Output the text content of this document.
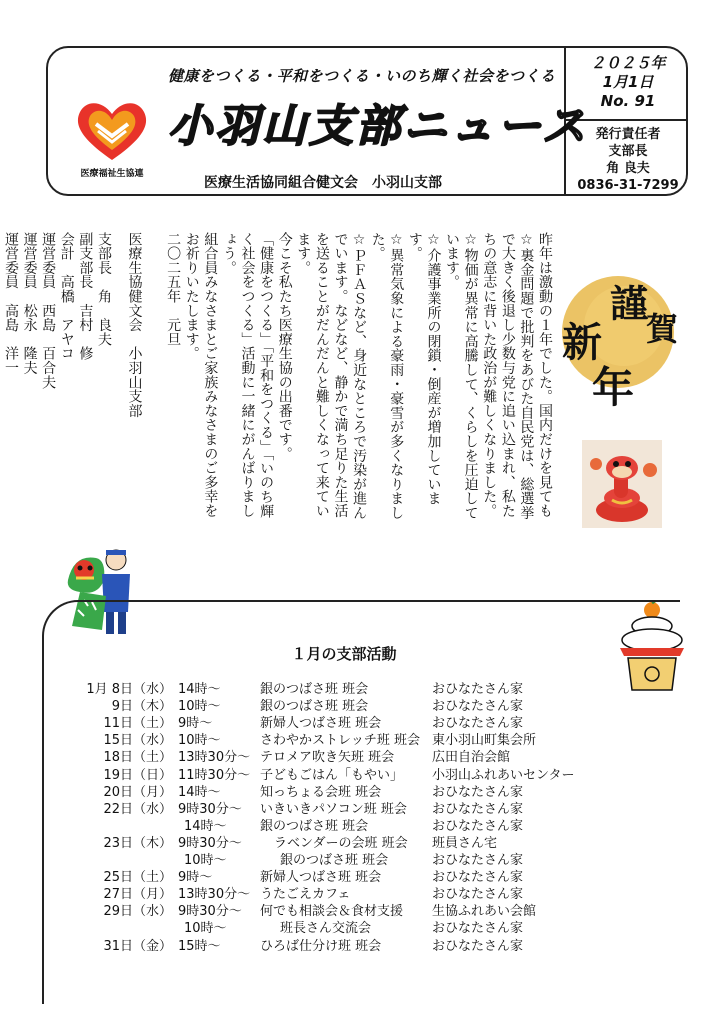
健康をつくる・平和をつくる・いのち輝く社会をつくる
医療福祉生協連
小羽山支部ニュース
医療生活協同組合健文会　小羽山支部
２０２５年
1月1日
No. 91
発行責任者
支部長
角 良夫
0836-31-7299

昨年は激動の１年でした。国内だけを見ても

☆裏金問題で批判をあびた自民党は、総選挙で大きく後退し少数与党に追い込まれ、私たちの意志に背いた政治が難しくなりました。

☆物価が異常に高騰して、くらしを圧迫しています。

☆介護事業所の閉鎖・倒産が増加しています。

☆異常気象による豪雨・豪雪が多くなりました。

☆ＰＦＡＳなど、身近なところで汚染が進んでいます。などなど、静かで満ち足りた生活を送ることがだんだんと難しくなって来ています。

今こそ私たち医療生協の出番です。

「健康をつくる」「平和をつくる」「いのち輝く社会をつくる」活動に一緒にがんばりましょう。

組合員みなさまとご家族みなさまのご多幸をお祈りいたします。

二〇二五年　元旦

医療生協健文会　小羽山支部

支部長　角　良夫

副支部長　吉村　修

会計　高橋　アヤコ

運営委員　西島　百合夫

運営委員　松永　隆夫

運営委員　高島　洋一	謹
賀
新
年
１月の支部活動
1月 8日（水） 14時～	銀のつばさ班 班会	おひなたさん家
9日（木） 10時～	銀のつばさ班 班会	おひなたさん家
11日（土） 9時～	新婦人つばさ班 班会	おひなたさん家
15日（水） 10時～	さわやかストレッチ班 班会 東小羽山町集会所
18日（土） 13時30分～ テロメア吹き矢班 班会	広田自治会館
19日（日） 11時30分～ 子どもごはん「もやい」 小羽山ふれあいセンター
20日（月） 14時～	知っちょる会班 班会	おひなたさん家
22日（水） 9時30分～ いきいきパソコン班 班会 おひなたさん家
14時～	銀のつばさ班 班会	おひなたさん家
23日（木） 9時30分～ ラベンダーの会班 班会 班員さん宅
10時～	銀のつばさ班 班会	おひなたさん家
25日（土） 9時～	新婦人つばさ班 班会	おひなたさん家
27日（月） 13時30分～ うたごえカフェ	おひなたさん家
29日（水） 9時30分～ 何でも相談会＆食材支援 生協ふれあい会館
10時～	班長さん交流会	おひなたさん家
31日（金） 15時～	ひろば仕分け班 班会	おひなたさん家
